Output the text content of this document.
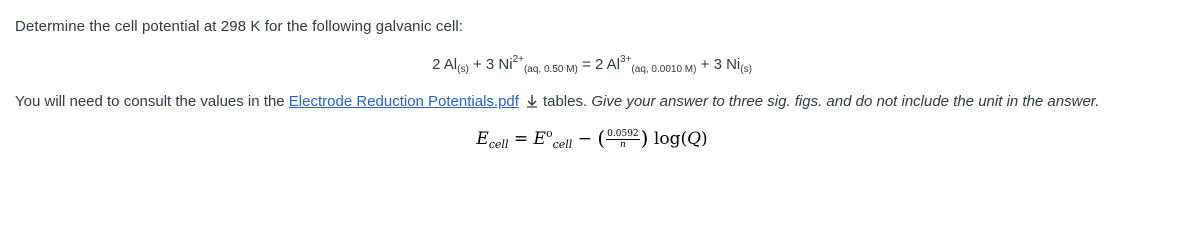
Determine the cell potential at 298 K for the following galvanic cell:
2 $Al_{(s)} + 3$ $Ni^{2+}_{(aq, 0.50 M)} = 2$ $Al^{3+}_{(aq, 0.0010 M)} + 3$ $Ni_{(s)}$
You will need to consult the values in the Electrode Reduction Potentials.pdf tables. Give your answer to three sig. figs. and do not include the unit in the answer.
$E_{cell} = E^o_{cell}$ − ( $\frac{0.0592}{n}$ ) log(Q)
